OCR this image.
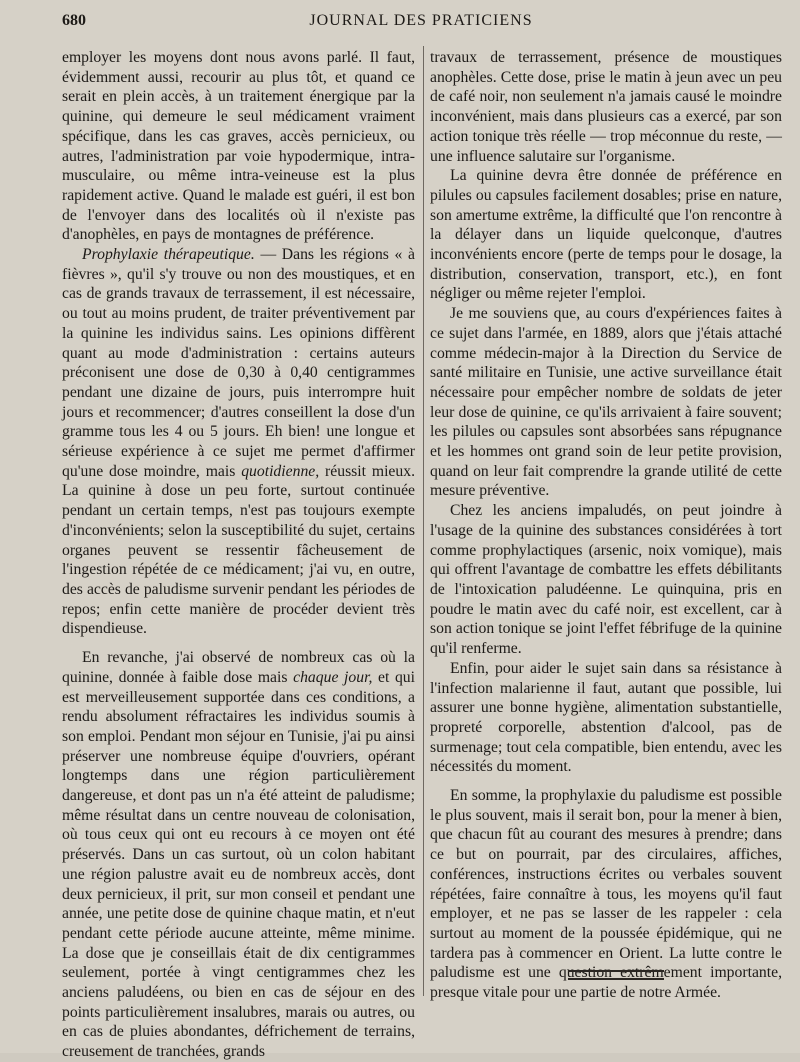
680	JOURNAL DES PRATICIENS

employer les moyens dont nous avons parlé. Il faut, évidemment aussi, recourir au plus tôt, et quand ce serait en plein accès, à un traitement énergique par la quinine, qui demeure le seul médicament vraiment spécifique, dans les cas graves, accès pernicieux, ou autres, l'administration par voie hypodermique, intra-musculaire, ou même intra-veineuse est la plus rapidement active. Quand le malade est guéri, il est bon de l'envoyer dans des localités où il n'existe pas d'anophèles, en pays de montagnes de préférence.

Prophylaxie thérapeutique. — Dans les régions « à fièvres », qu'il s'y trouve ou non des moustiques, et en cas de grands travaux de terrassement, il est nécessaire, ou tout au moins prudent, de traiter préventivement par la quinine les individus sains. Les opinions diffèrent quant au mode d'administration : certains auteurs préconisent une dose de 0,30 à 0,40 centigrammes pendant une dizaine de jours, puis interrompre huit jours et recommencer; d'autres conseillent la dose d'un gramme tous les 4 ou 5 jours. Eh bien! une longue et sérieuse expérience à ce sujet me permet d'affirmer qu'une dose moindre, mais quotidienne, réussit mieux. La quinine à dose un peu forte, surtout continuée pendant un certain temps, n'est pas toujours exempte d'inconvénients; selon la susceptibilité du sujet, certains organes peuvent se ressentir fâcheusement de l'ingestion répétée de ce médicament; j'ai vu, en outre, des accès de paludisme survenir pendant les périodes de repos; enfin cette manière de procéder devient très dispendieuse.

En revanche, j'ai observé de nombreux cas où la quinine, donnée à faible dose mais chaque jour, et qui est merveilleusement supportée dans ces conditions, a rendu absolument réfractaires les individus soumis à son emploi. Pendant mon séjour en Tunisie, j'ai pu ainsi préserver une nombreuse équipe d'ouvriers, opérant longtemps dans une région particulièrement dangereuse, et dont pas un n'a été atteint de paludisme; même résultat dans un centre nouveau de colonisation, où tous ceux qui ont eu recours à ce moyen ont été préservés. Dans un cas surtout, où un colon habitant une région palustre avait eu de nombreux accès, dont deux pernicieux, il prit, sur mon conseil et pendant une année, une petite dose de quinine chaque matin, et n'eut pendant cette période aucune atteinte, même minime. La dose que je conseillais était de dix centigrammes seulement, portée à vingt centigrammes chez les anciens paludéens, ou bien en cas de séjour en des points particulièrement insalubres, marais ou autres, ou en cas de pluies abondantes, défrichement de terrains, creusement de tranchées, grands

travaux de terrassement, présence de moustiques anophèles. Cette dose, prise le matin à jeun avec un peu de café noir, non seulement n'a jamais causé le moindre inconvénient, mais dans plusieurs cas a exercé, par son action tonique très réelle — trop méconnue du reste, — une influence salutaire sur l'organisme.

La quinine devra être donnée de préférence en pilules ou capsules facilement dosables; prise en nature, son amertume extrême, la difficulté que l'on rencontre à la délayer dans un liquide quelconque, d'autres inconvénients encore (perte de temps pour le dosage, la distribution, conservation, transport, etc.), en font négliger ou même rejeter l'emploi.

Je me souviens que, au cours d'expériences faites à ce sujet dans l'armée, en 1889, alors que j'étais attaché comme médecin-major à la Direction du Service de santé militaire en Tunisie, une active surveillance était nécessaire pour empêcher nombre de soldats de jeter leur dose de quinine, ce qu'ils arrivaient à faire souvent; les pilules ou capsules sont absorbées sans répugnance et les hommes ont grand soin de leur petite provision, quand on leur fait comprendre la grande utilité de cette mesure préventive.

Chez les anciens impaludés, on peut joindre à l'usage de la quinine des substances considérées à tort comme prophylactiques (arsenic, noix vomique), mais qui offrent l'avantage de combattre les effets débilitants de l'intoxication paludéenne. Le quinquina, pris en poudre le matin avec du café noir, est excellent, car à son action tonique se joint l'effet fébrifuge de la quinine qu'il renferme.

Enfin, pour aider le sujet sain dans sa résistance à l'infection malarienne il faut, autant que possible, lui assurer une bonne hygiène, alimentation substantielle, propreté corporelle, abstention d'alcool, pas de surmenage; tout cela compatible, bien entendu, avec les nécessités du moment.

En somme, la prophylaxie du paludisme est possible le plus souvent, mais il serait bon, pour la mener à bien, que chacun fût au courant des mesures à prendre; dans ce but on pourrait, par des circulaires, affiches, conférences, instructions écrites ou verbales souvent répétées, faire connaître à tous, les moyens qu'il faut employer, et ne pas se lasser de les rappeler : cela surtout au moment de la poussée épidémique, qui ne tardera pas à commencer en Orient. La lutte contre le paludisme est une question extrêmement importante, presque vitale pour une partie de notre Armée.
